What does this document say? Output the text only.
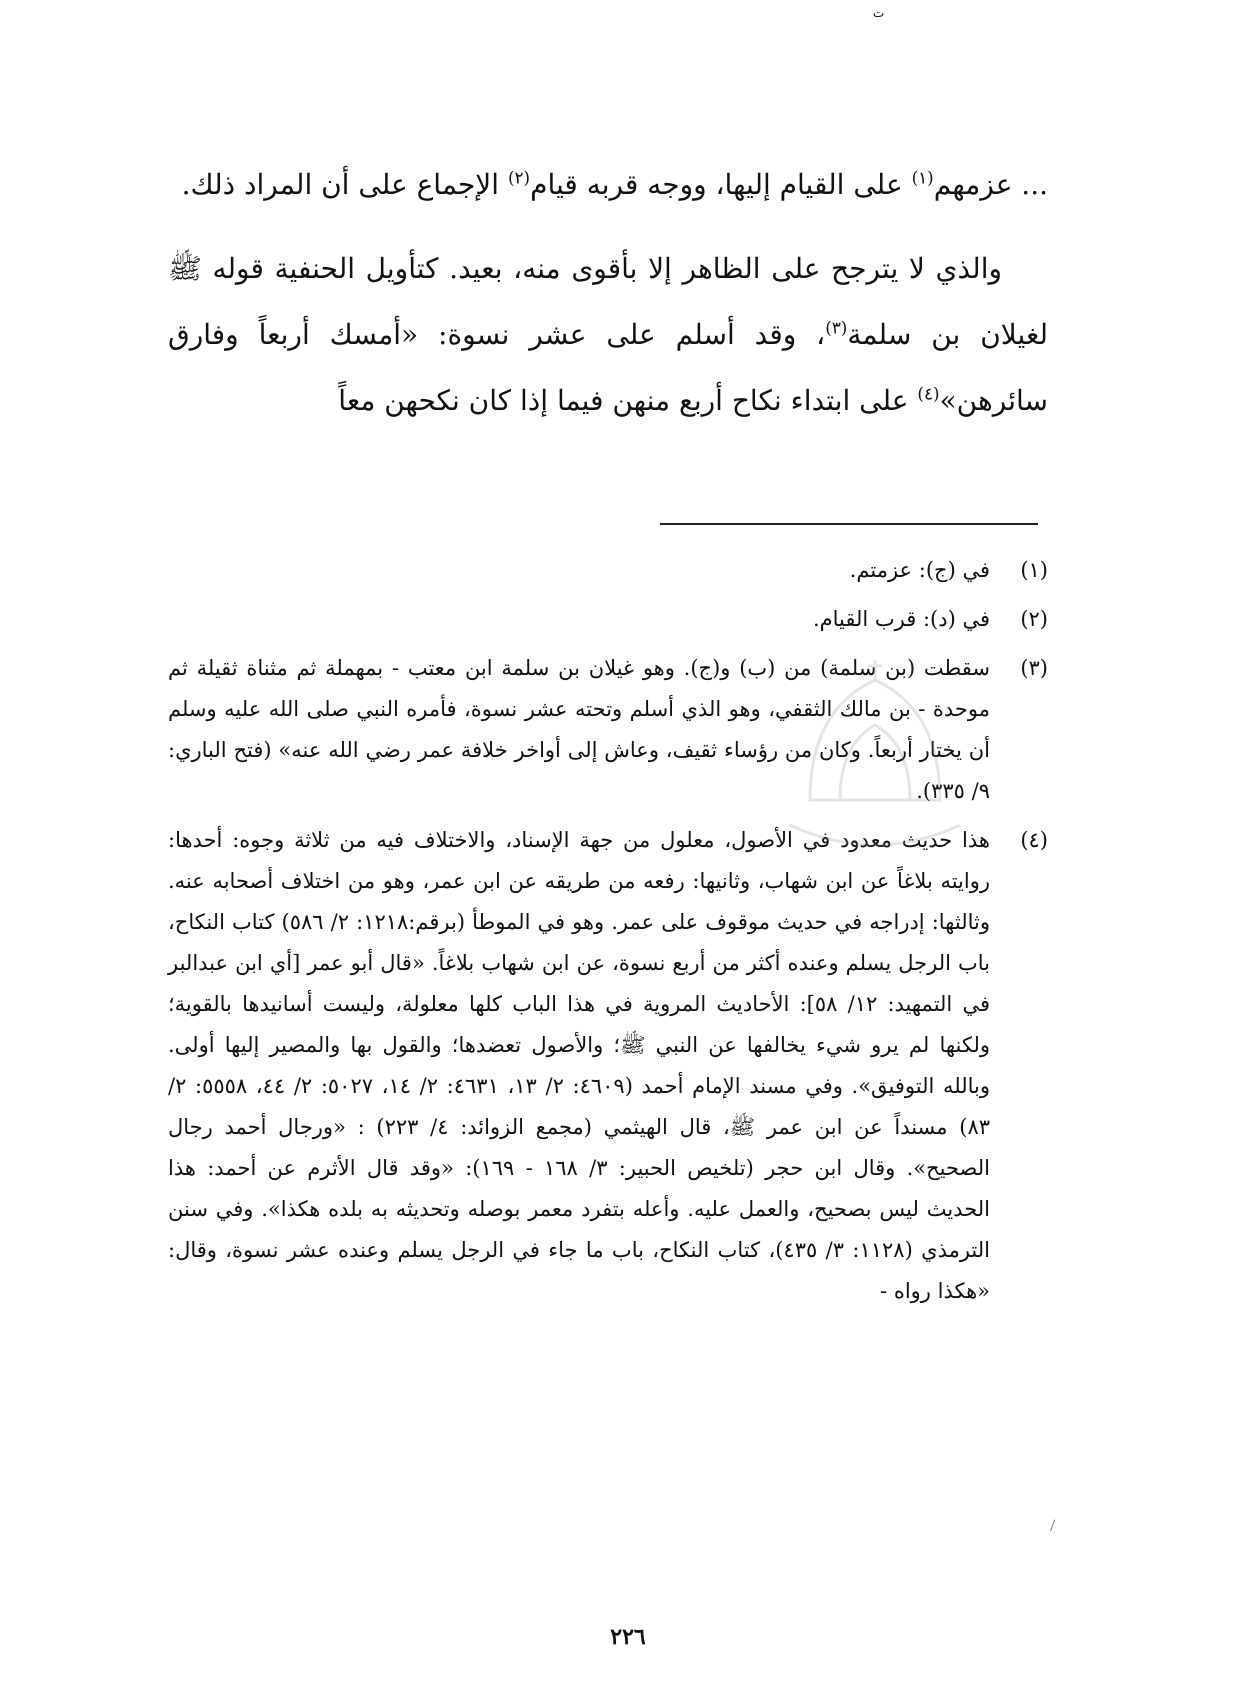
ت

... عزمهم$^{(١)}$ على القيام إليها، ووجه قربه قيام$^{(٢)}$ الإجماع على أن المراد ذلك.

والذي لا يترجح على الظاهر إلا بأقوى منه، بعيد. كتأويل الحنفية قوله ﷺ لغيلان بن سلمة$^{(٣)}$، وقد أسلم على عشر نسوة: «أمسك أربعاً وفارق سائرهن»$^{(٤)}$ على ابتداء نكاح أربع منهن فيما إذا كان نكحهن معاً

(١)
في (ج): عزمتم.
(٢)
في (د): قرب القيام.
(٣)
سقطت (بن سلمة) من (ب) و(ج). وهو غيلان بن سلمة ابن معتب - بمهملة ثم مثناة ثقيلة ثم موحدة - بن مالك الثقفي، وهو الذي أسلم وتحته عشر نسوة، فأمره النبي صلى الله عليه وسلم أن يختار أربعاً. وكان من رؤساء ثقيف، وعاش إلى أواخر خلافة عمر رضي الله عنه» (فتح الباري: ٩/ ٣٣٥).
(٤)
هذا حديث معدود في الأصول، معلول من جهة الإسناد، والاختلاف فيه من ثلاثة وجوه: أحدها: روايته بلاغاً عن ابن شهاب، وثانيها: رفعه من طريقه عن ابن عمر، وهو من اختلاف أصحابه عنه. وثالثها: إدراجه في حديث موقوف على عمر. وهو في الموطأ (برقم:١٢١٨: ٢/ ٥٨٦) كتاب النكاح، باب الرجل يسلم وعنده أكثر من أربع نسوة، عن ابن شهاب بلاغاً. «قال أبو عمر [أي ابن عبدالبر في التمهيد: ١٢/ ٥٨]: الأحاديث المروية في هذا الباب كلها معلولة، وليست أسانيدها بالقوية؛ ولكنها لم يرو شيء يخالفها عن النبي ﷺ؛ والأصول تعضدها؛ والقول بها والمصير إليها أولى. وبالله التوفيق». وفي مسند الإمام أحمد (٤٦٠٩: ٢/ ١٣، ٤٦٣١: ٢/ ١٤، ٥٠٢٧: ٢/ ٤٤، ٥٥٥٨: ٢/ ٨٣) مسنداً عن ابن عمر ﷺ، قال الهيثمي (مجمع الزوائد: ٤/ ٢٢٣) : «ورجال أحمد رجال الصحيح». وقال ابن حجر (تلخيص الحبير: ٣/ ١٦٨ - ١٦٩): «وقد قال الأثرم عن أحمد: هذا الحديث ليس بصحيح، والعمل عليه. وأعله بتفرد معمر بوصله وتحديثه به بلده هكذا». وفي سنن الترمذي (١١٢٨: ٣/ ٤٣٥)، كتاب النكاح، باب ما جاء في الرجل يسلم وعنده عشر نسوة، وقال: «هكذا رواه -
٢٢٦
